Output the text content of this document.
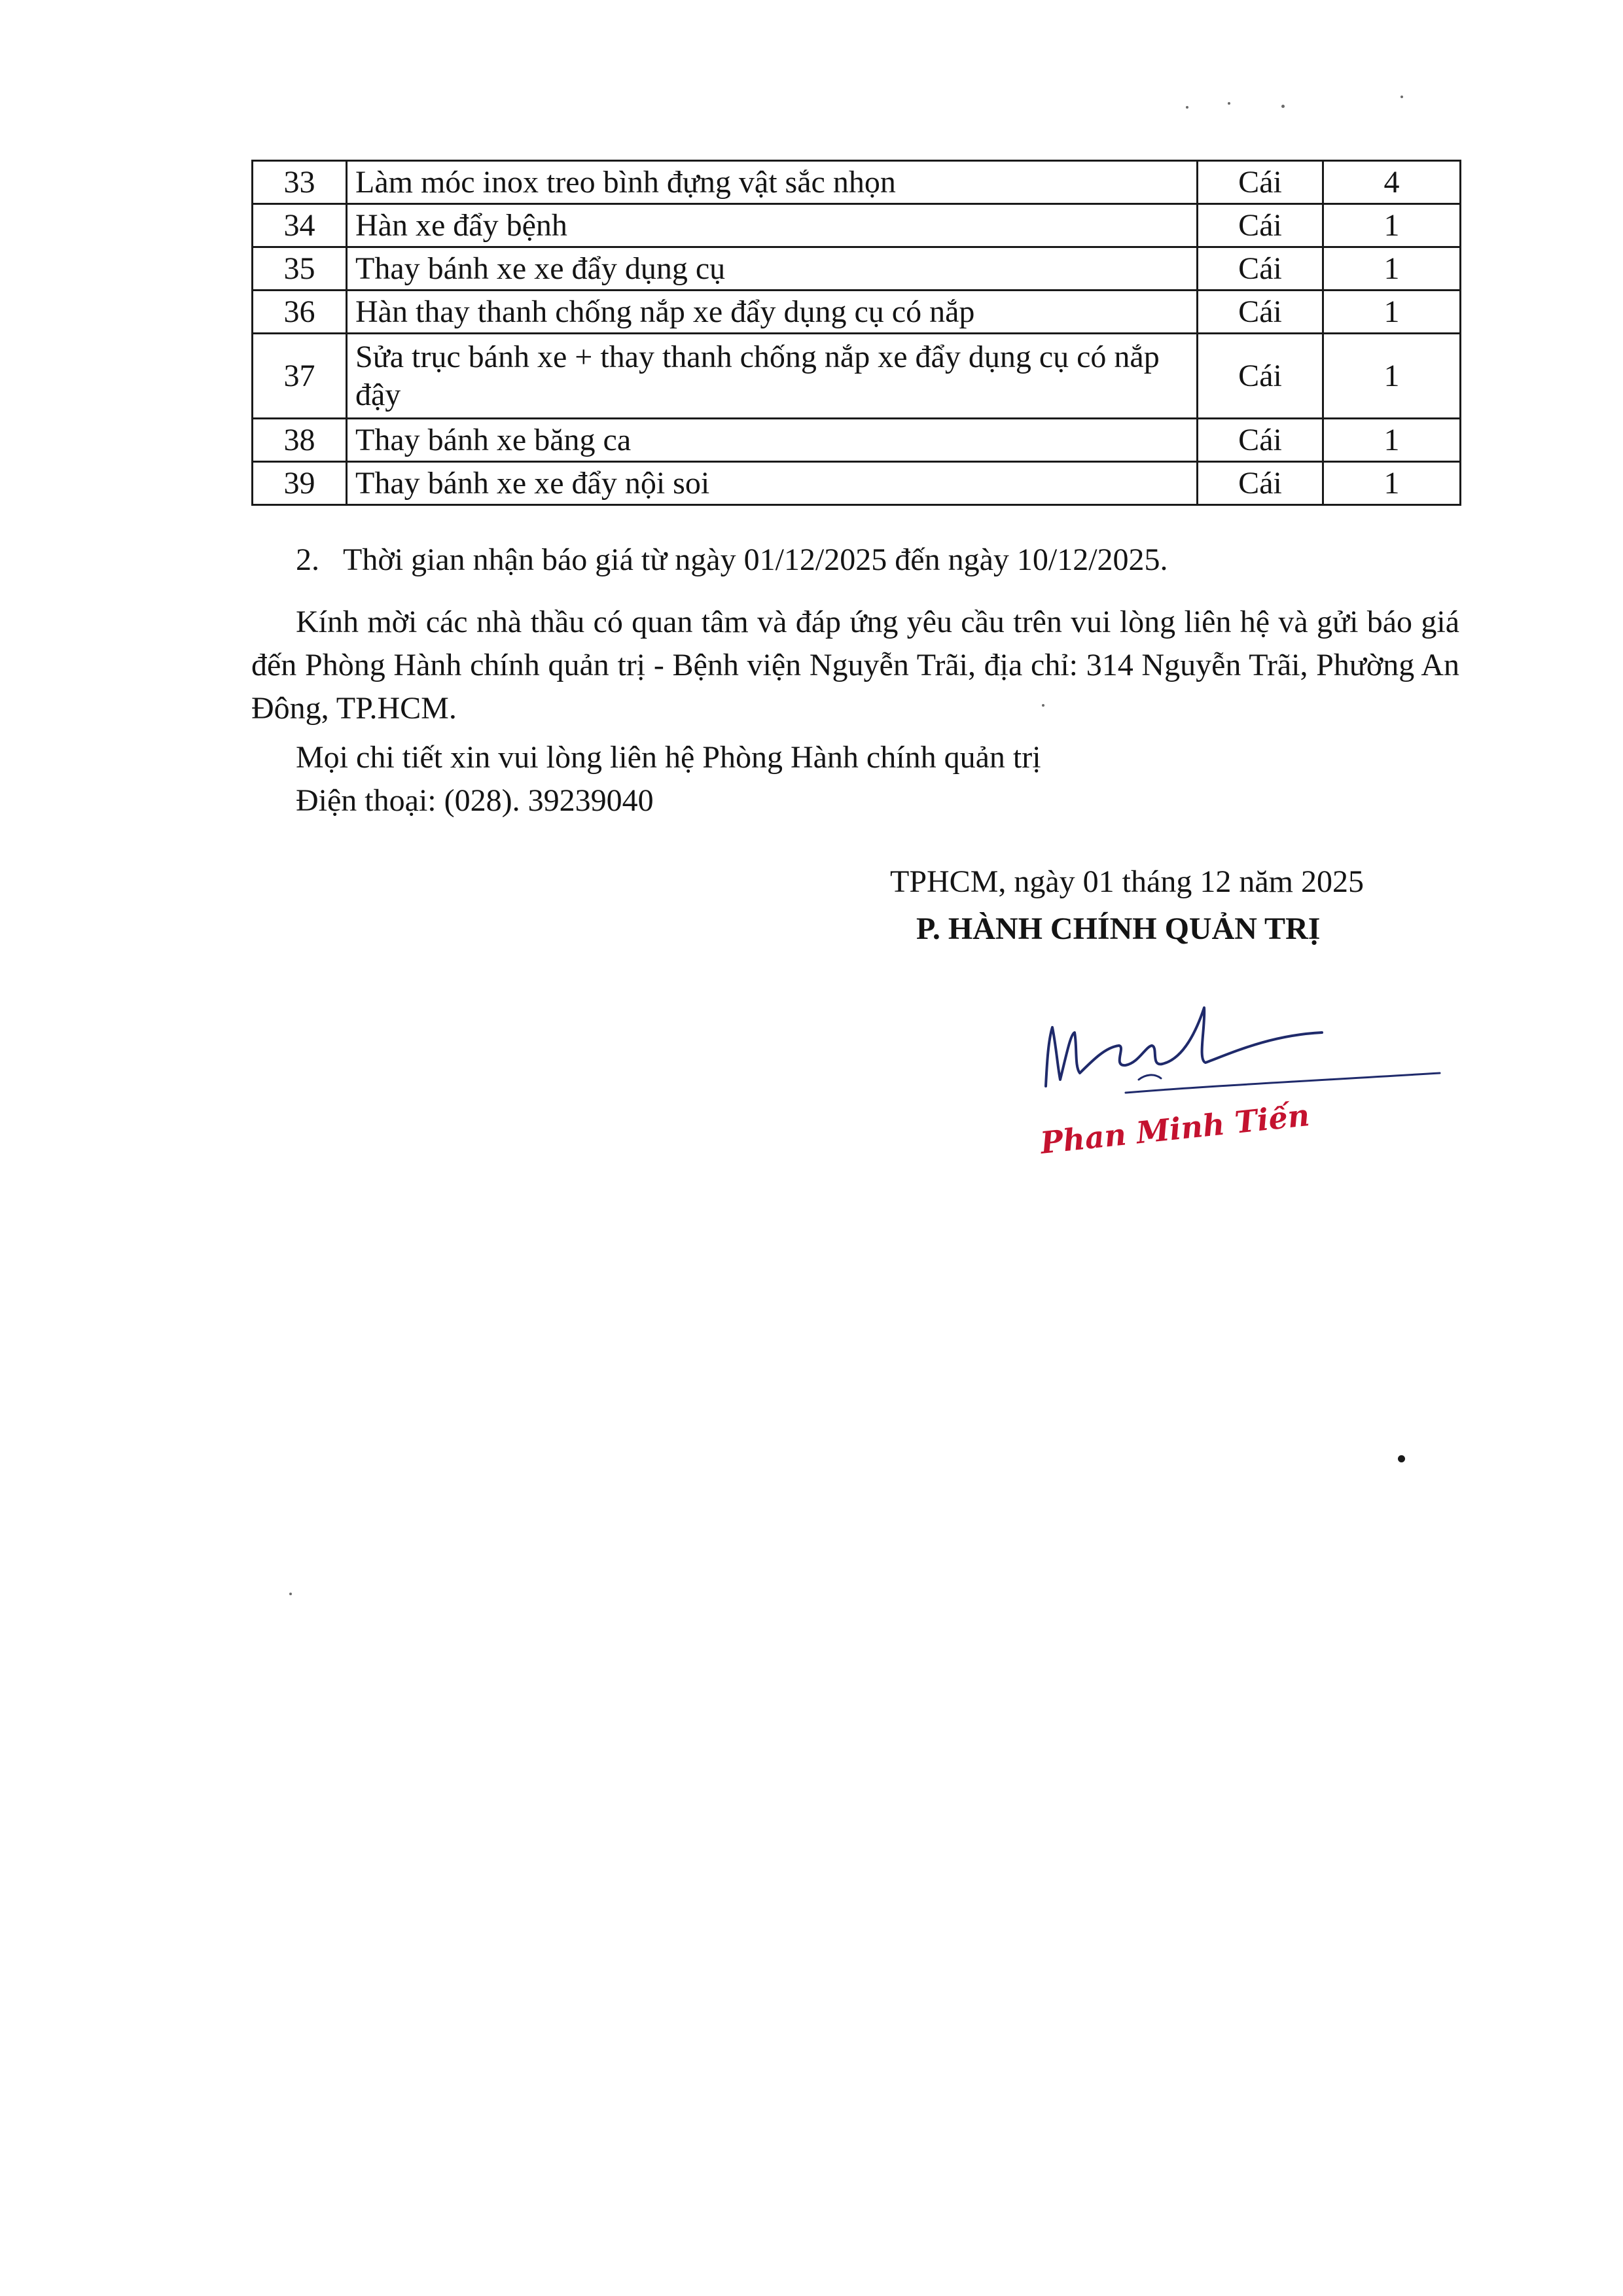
33	Làm móc inox treo bình đựng vật sắc nhọn	Cái	4
34	Hàn xe đẩy bệnh	Cái	1
35	Thay bánh xe xe đẩy dụng cụ	Cái	1
36	Hàn thay thanh chống nắp xe đẩy dụng cụ có nắp	Cái	1
37	Sửa trục bánh xe + thay thanh chống nắp xe đẩy dụng cụ có nắp đậy	Cái	1
38	Thay bánh xe băng ca	Cái	1
39	Thay bánh xe xe đẩy nội soi	Cái	1
2. Thời gian nhận báo giá từ ngày 01/12/2025 đến ngày 10/12/2025.
Kính mời các nhà thầu có quan tâm và đáp ứng yêu cầu trên vui lòng liên hệ và gửi báo giá đến Phòng Hành chính quản trị - Bệnh viện Nguyễn Trãi, địa chỉ: 314 Nguyễn Trãi, Phường An Đông, TP.HCM.
Mọi chi tiết xin vui lòng liên hệ Phòng Hành chính quản trị
Điện thoại: (028). 39239040
TPHCM, ngày 01 tháng 12 năm 2025
P. HÀNH CHÍNH QUẢN TRỊ
Phan Minh Tiến
